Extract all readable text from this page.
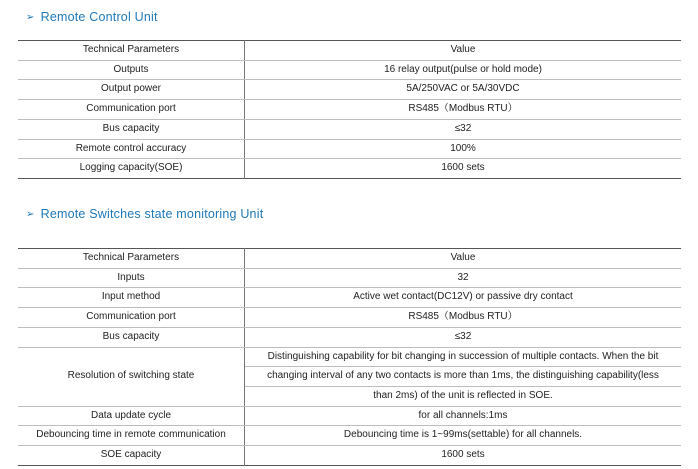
➢ Remote Control Unit
Technical Parameters	Value
Outputs	16 relay output(pulse or hold mode)
Output power	5A/250VAC or 5A/30VDC
Communication port	RS485（Modbus RTU）
Bus capacity	≤32
Remote control accuracy	100%
Logging capacity(SOE)	1600 sets
➢ Remote Switches state monitoring Unit
Technical Parameters	Value
Inputs	32
Input method	Active wet contact(DC12V) or passive dry contact
Communication port	RS485（Modbus RTU）
Bus capacity	≤32
Resolution of switching state	Distinguishing capability for bit changing in succession of multiple contacts. When the bit
changing interval of any two contacts is more than 1ms, the distinguishing capability(less
than 2ms) of the unit is reflected in SOE.

Data update cycle	for all channels:1ms
Debouncing time in remote communication	Debouncing time is 1~99ms(settable) for all channels.
SOE capacity	1600 sets
